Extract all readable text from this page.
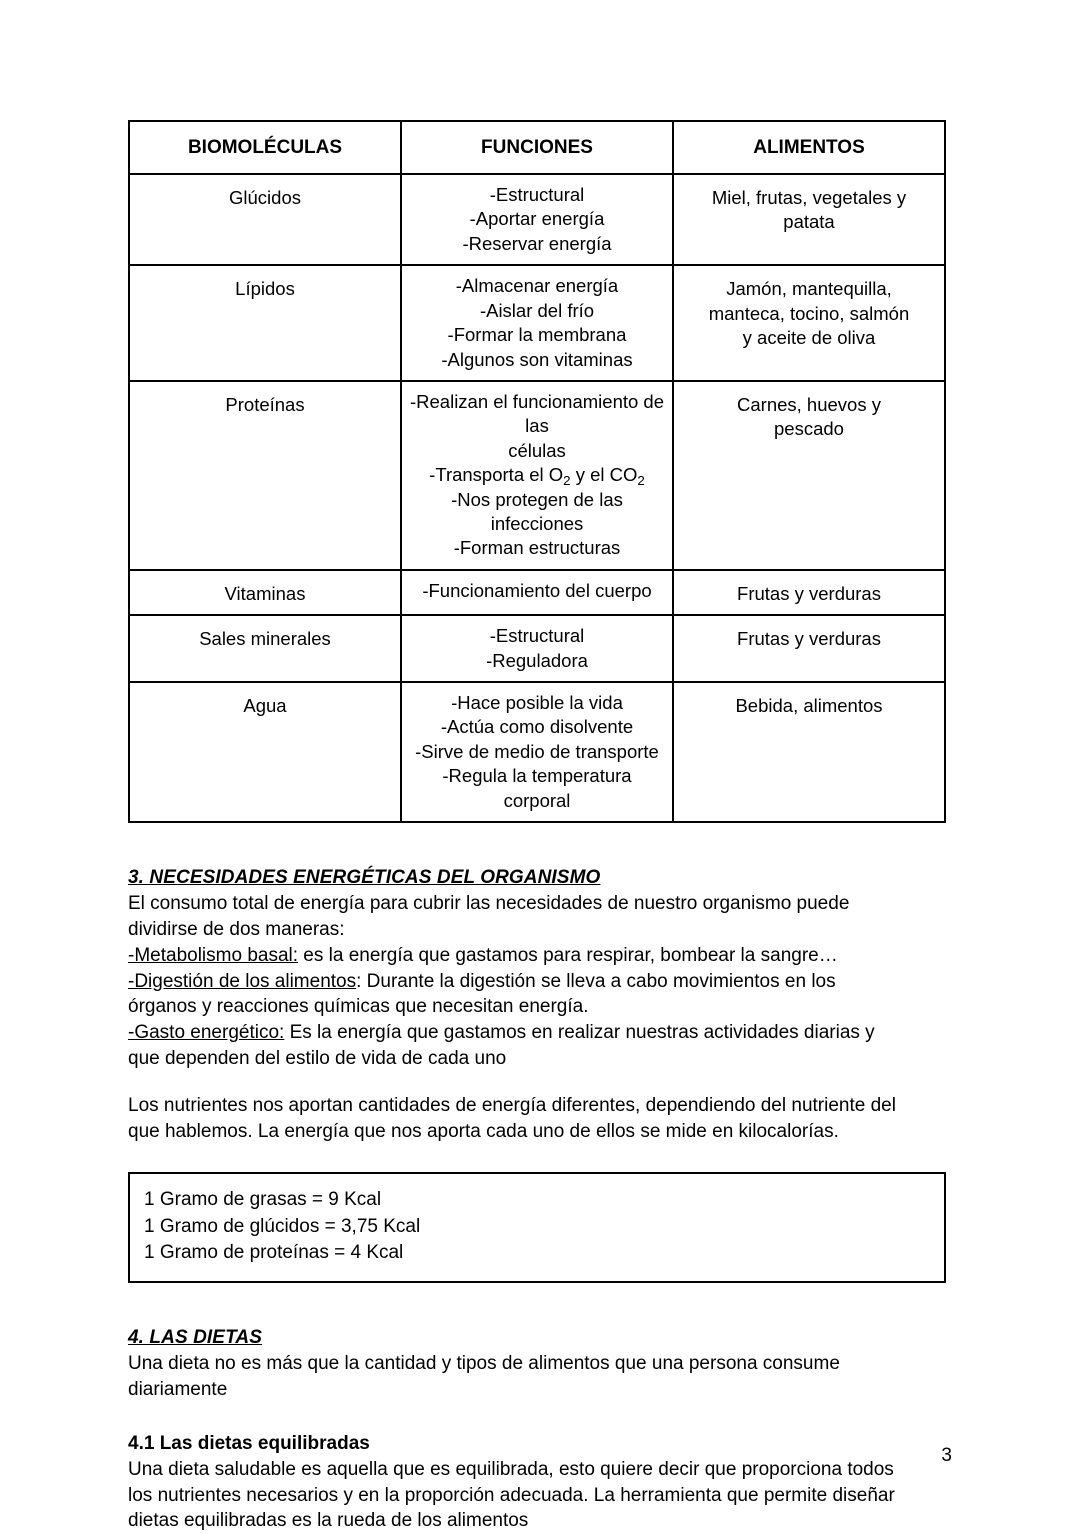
BIOMOLÉCULAS	FUNCIONES	ALIMENTOS
Glúcidos	-Estructural
-Aportar energía
-Reservar energía	Miel, frutas, vegetales y
patata

Lípidos	-Almacenar energía
-Aislar del frío
-Formar la membrana
-Algunos son vitaminas	Jamón, mantequilla,
manteca, tocino, salmón
y aceite de oliva

Proteínas	-Realizan el funcionamiento de las
células
-Transporta el $O_2$ y el $CO_2$
-Nos protegen de las infecciones
-Forman estructuras	Carnes, huevos y
pescado

Vitaminas	-Funcionamiento del cuerpo	Frutas y verduras

Sales minerales	-Estructural
-Reguladora	Frutas y verduras

Agua	-Hace posible la vida
-Actúa como disolvente
-Sirve de medio de transporte
-Regula la temperatura corporal	Bebida, alimentos

3. NECESIDADES ENERGÉTICAS DEL ORGANISMO

El consumo total de energía para cubrir las necesidades de nuestro organismo puede

dividirse de dos maneras:

-Metabolismo basal: es la energía que gastamos para respirar, bombear la sangre…

-Digestión de los alimentos: Durante la digestión se lleva a cabo movimientos en los

órganos y reacciones químicas que necesitan energía.

-Gasto energético: Es la energía que gastamos en realizar nuestras actividades diarias y

que dependen del estilo de vida de cada uno

Los nutrientes nos aportan cantidades de energía diferentes, dependiendo del nutriente del

que hablemos. La energía que nos aporta cada uno de ellos se mide en kilocalorías.

1 Gramo de grasas = 9 Kcal
1 Gramo de glúcidos = 3,75 Kcal
1 Gramo de proteínas = 4 Kcal

4. LAS DIETAS

Una dieta no es más que la cantidad y tipos de alimentos que una persona consume

diariamente

4.1 Las dietas equilibradas

Una dieta saludable es aquella que es equilibrada, esto quiere decir que proporciona todos

los nutrientes necesarios y en la proporción adecuada. La herramienta que permite diseñar

dietas equilibradas es la rueda de los alimentos

3
